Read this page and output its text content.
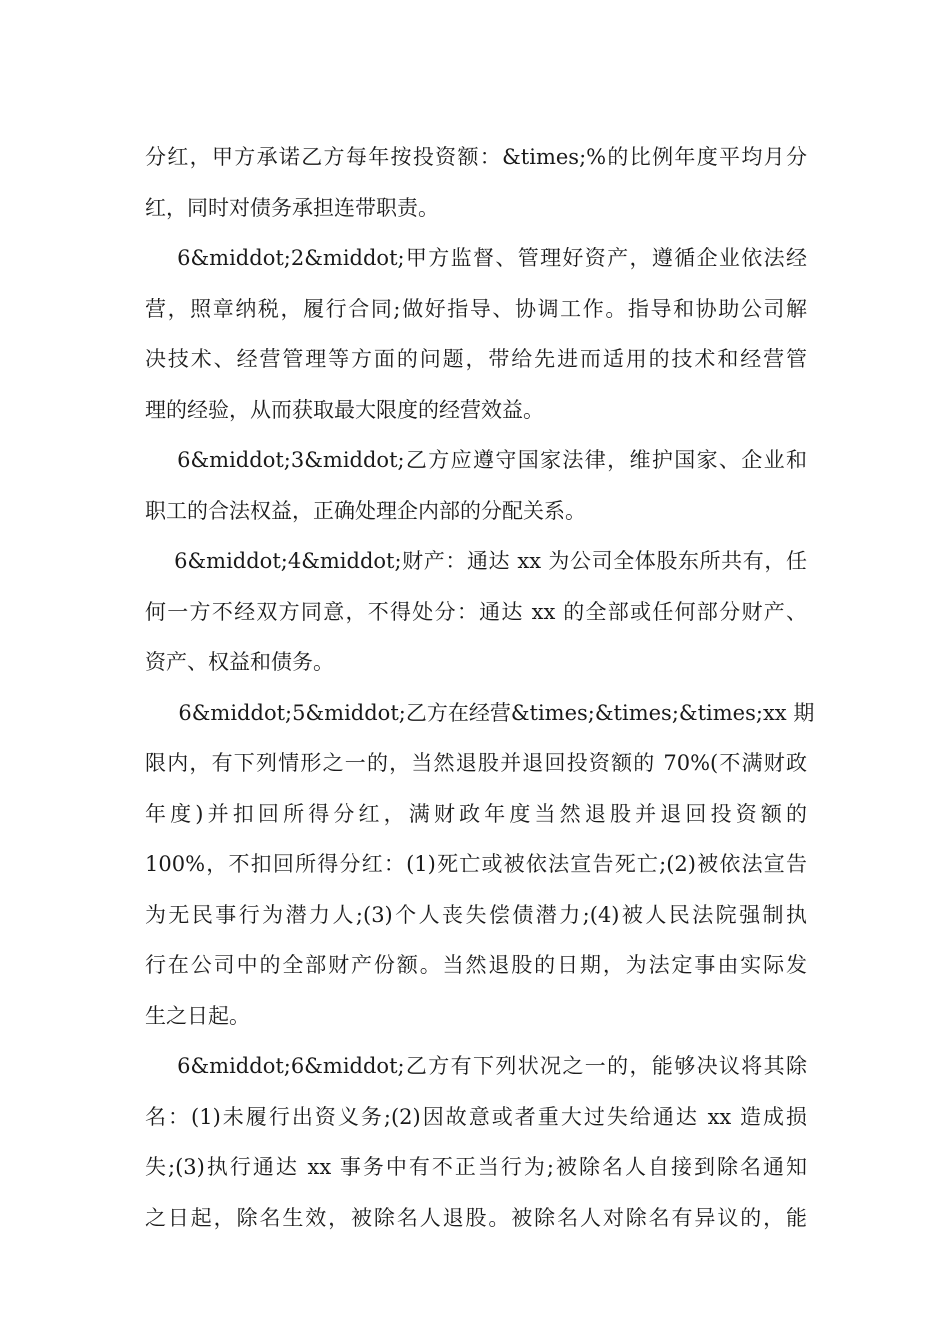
分红，甲方承诺乙方每年按投资额：&times;%的比例年度平均月分
红，同时对债务承担连带职责。
6&middot;2&middot;甲方监督、管理好资产，遵循企业依法经
营，照章纳税，履行合同;做好指导、协调工作。指导和协助公司解
决技术、经营管理等方面的问题，带给先进而适用的技术和经营管
理的经验，从而获取最大限度的经营效益。
6&middot;3&middot;乙方应遵守国家法律，维护国家、企业和
职工的合法权益，正确处理企内部的分配关系。
6&middot;4&middot;财产：通达 xx 为公司全体股东所共有，任
何一方不经双方同意，不得处分：通达 xx 的全部或任何部分财产、
资产、权益和债务。
6&middot;5&middot;乙方在经营&times;&times;&times;xx 期
限内，有下列情形之一的，当然退股并退回投资额的 70%(不满财政
年度)并扣回所得分红，满财政年度当然退股并退回投资额的
100%，不扣回所得分红：(1)死亡或被依法宣告死亡;(2)被依法宣告
为无民事行为潜力人;(3)个人丧失偿债潜力;(4)被人民法院强制执
行在公司中的全部财产份额。当然退股的日期，为法定事由实际发
生之日起。
6&middot;6&middot;乙方有下列状况之一的，能够决议将其除
名：(1)未履行出资义务;(2)因故意或者重大过失给通达 xx 造成损
失;(3)执行通达 xx 事务中有不正当行为;被除名人自接到除名通知
之日起，除名生效，被除名人退股。被除名人对除名有异议的，能
